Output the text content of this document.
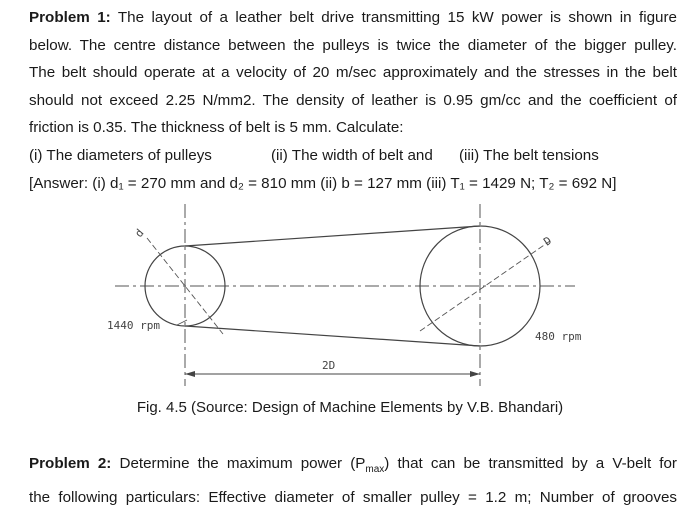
Problem 1: The layout of a leather belt drive transmitting 15 kW power is shown in figure
below. The centre distance between the pulleys is twice the diameter of the bigger pulley.
The belt should operate at a velocity of 20 m/sec approximately and the stresses in the belt
should not exceed 2.25 N/mm2. The density of leather is 0.95 gm/cc and the coefficient of
friction is 0.35. The thickness of belt is 5 mm. Calculate:
(i) The diameters of pulleys	(ii) The width of belt and (iii) The belt tensions
[Answer: (i) d₁ = 270 mm and d₂ = 810 mm (ii) b = 127 mm (iii) T₁ = 1429 N; T₂ = 692 N]
d
D
1440 rpm
480 rpm
2D
Fig. 4.5 (Source: Design of Machine Elements by V.B. Bhandari)
Problem 2: Determine the maximum power $(P_{max})$ that can be transmitted by a V-belt for
the following particulars: Effective diameter of smaller pulley = 1.2 m; Number of grooves
